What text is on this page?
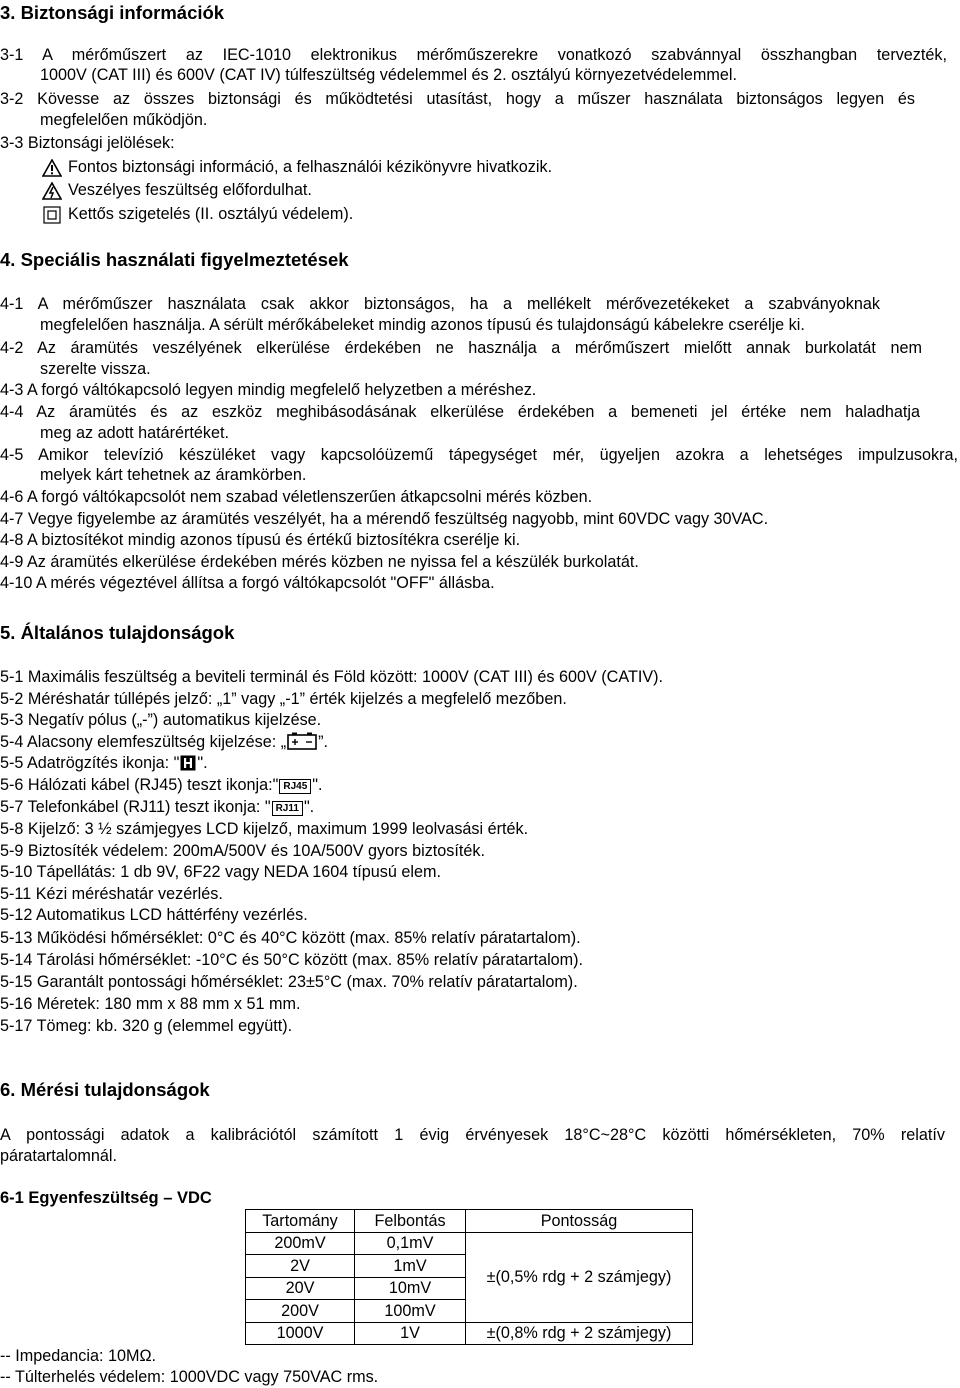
3. Biztonsági információk
3-1 A mérőműszert az IEC-1010 elektronikus mérőműszerekre vonatkozó szabvánnyal összhangban tervezték,
1000V (CAT III) és 600V (CAT IV) túlfeszültség védelemmel és 2. osztályú környezetvédelemmel.
3-2 Kövesse az összes biztonsági és működtetési utasítást, hogy a műszer használata biztonságos legyen és
megfelelően működjön.
3-3 Biztonsági jelölések:
Fontos biztonsági információ, a felhasználói kézikönyvre hivatkozik.
Veszélyes feszültség előfordulhat.
Kettős szigetelés (II. osztályú védelem).
4. Speciális használati figyelmeztetések
4-1 A mérőműszer használata csak akkor biztonságos, ha a mellékelt mérővezetékeket a szabványoknak
megfelelően használja. A sérült mérőkábeleket mindig azonos típusú és tulajdonságú kábelekre cserélje ki.
4-2 Az áramütés veszélyének elkerülése érdekében ne használja a mérőműszert mielőtt annak burkolatát nem
szerelte vissza.
4-3 A forgó váltókapcsoló legyen mindig megfelelő helyzetben a méréshez.
4-4 Az áramütés és az eszköz meghibásodásának elkerülése érdekében a bemeneti jel értéke nem haladhatja
meg az adott határértéket.
4-5 Amikor televízió készüléket vagy kapcsolóüzemű tápegységet mér, ügyeljen azokra a lehetséges impulzusokra,
melyek kárt tehetnek az áramkörben.
4-6 A forgó váltókapcsolót nem szabad véletlenszerűen átkapcsolni mérés közben.
4-7 Vegye figyelembe az áramütés veszélyét, ha a mérendő feszültség nagyobb, mint 60VDC vagy 30VAC.
4-8 A biztosítékot mindig azonos típusú és értékű biztosítékra cserélje ki.
4-9 Az áramütés elkerülése érdekében mérés közben ne nyissa fel a készülék burkolatát.
4-10 A mérés végeztével állítsa a forgó váltókapcsolót "OFF" állásba.
5. Általános tulajdonságok
5-1 Maximális feszültség a beviteli terminál és Föld között: 1000V (CAT III) és 600V (CATIV).
5-2 Méréshatár túllépés jelző: „1” vagy „-1” érték kijelzés a megfelelő mezőben.
5-3 Negatív pólus („-”) automatikus kijelzése.
5-4 Alacsony elemfeszültség kijelzése: „ ”.
5-5 Adatrögzítés ikonja: " ".
5-6 Hálózati kábel (RJ45) teszt ikonja:" RJ45 ".
5-7 Telefonkábel (RJ11) teszt ikonja: " RJ11 ".
5-8 Kijelző: 3 ½ számjegyes LCD kijelző, maximum 1999 leolvasási érték.
5-9 Biztosíték védelem: 200mA/500V és 10A/500V gyors biztosíték.
5-10 Tápellátás: 1 db 9V, 6F22 vagy NEDA 1604 típusú elem.
5-11 Kézi méréshatár vezérlés.
5-12 Automatikus LCD háttérfény vezérlés.
5-13 Működési hőmérséklet: 0°C és 40°C között (max. 85% relatív páratartalom).
5-14 Tárolási hőmérséklet: -10°C és 50°C között (max. 85% relatív páratartalom).
5-15 Garantált pontossági hőmérséklet: 23±5°C (max. 70% relatív páratartalom).
5-16 Méretek: 180 mm x 88 mm x 51 mm.
5-17 Tömeg: kb. 320 g (elemmel együtt).
6. Mérési tulajdonságok
A pontossági adatok a kalibrációtól számított 1 évig érvényesek 18°C~28°C közötti hőmérsékleten, 70% relatív
páratartalomnál.
6-1 Egyenfeszültség – VDC
Tartomány	Felbontás	Pontosság
200mV	0,1mV	±(0,5% rdg + 2 számjegy)
2V	1mV	
20V	10mV	
200V	100mV	
1000V	1V	±(0,8% rdg + 2 számjegy)
-- Impedancia: 10MΩ.
-- Túlterhelés védelem: 1000VDC vagy 750VAC rms.
